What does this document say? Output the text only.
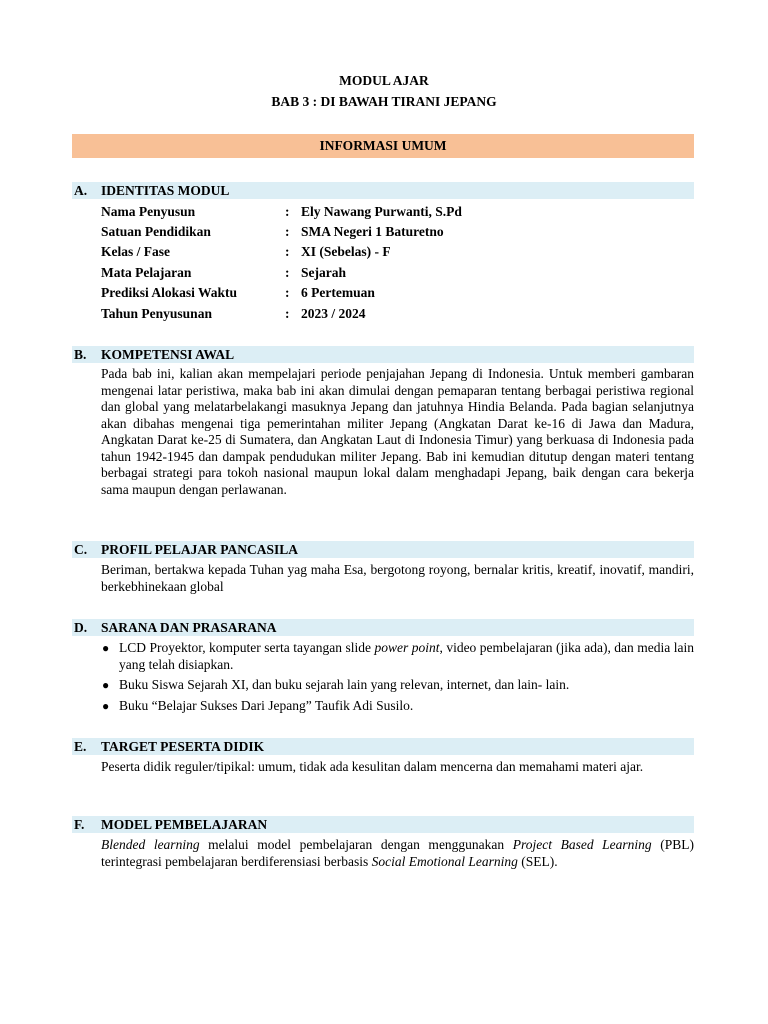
MODUL AJAR
BAB 3 : DI BAWAH TIRANI JEPANG
INFORMASI UMUM
A. IDENTITAS MODUL
Nama Penyusun	: Ely Nawang Purwanti, S.Pd
Satuan Pendidikan	: SMA Negeri 1 Baturetno
Kelas / Fase	: XI (Sebelas) - F
Mata Pelajaran	: Sejarah
Prediksi Alokasi Waktu	: 6 Pertemuan
Tahun Penyusunan	: 2023 / 2024
B. KOMPETENSI AWAL

Pada bab ini, kalian akan mempelajari periode penjajahan Jepang di Indonesia. Untuk memberi gambaran mengenai latar peristiwa, maka bab ini akan dimulai dengan pemaparan tentang berbagai peristiwa regional dan global yang melatarbelakangi masuknya Jepang dan jatuhnya Hindia Belanda. Pada bagian selanjutnya akan dibahas mengenai tiga pemerintahan militer Jepang (Angkatan Darat ke-16 di Jawa dan Madura, Angkatan Darat ke-25 di Sumatera, dan Angkatan Laut di Indonesia Timur) yang berkuasa di Indonesia pada tahun 1942-1945 dan dampak pendudukan militer Jepang. Bab ini kemudian ditutup dengan materi tentang berbagai strategi para tokoh nasional maupun lokal dalam menghadapi Jepang, baik dengan cara bekerja sama maupun dengan perlawanan.

C. PROFIL PELAJAR PANCASILA

Beriman, bertakwa kepada Tuhan yag maha Esa, bergotong royong, bernalar kritis, kreatif, inovatif, mandiri, berkebhinekaan global

D. SARANA DAN PRASARANA
● LCD Proyektor, komputer serta tayangan slide power point, video pembelajaran (jika ada), dan media lain yang telah disiapkan.
● Buku Siswa Sejarah XI, dan buku sejarah lain yang relevan, internet, dan lain- lain.
● Buku “Belajar Sukses Dari Jepang” Taufik Adi Susilo.
E. TARGET PESERTA DIDIK

Peserta didik reguler/tipikal: umum, tidak ada kesulitan dalam mencerna dan memahami materi ajar.

F. MODEL PEMBELAJARAN

Blended learning melalui model pembelajaran dengan menggunakan Project Based Learning (PBL) terintegrasi pembelajaran berdiferensiasi berbasis Social Emotional Learning (SEL).
